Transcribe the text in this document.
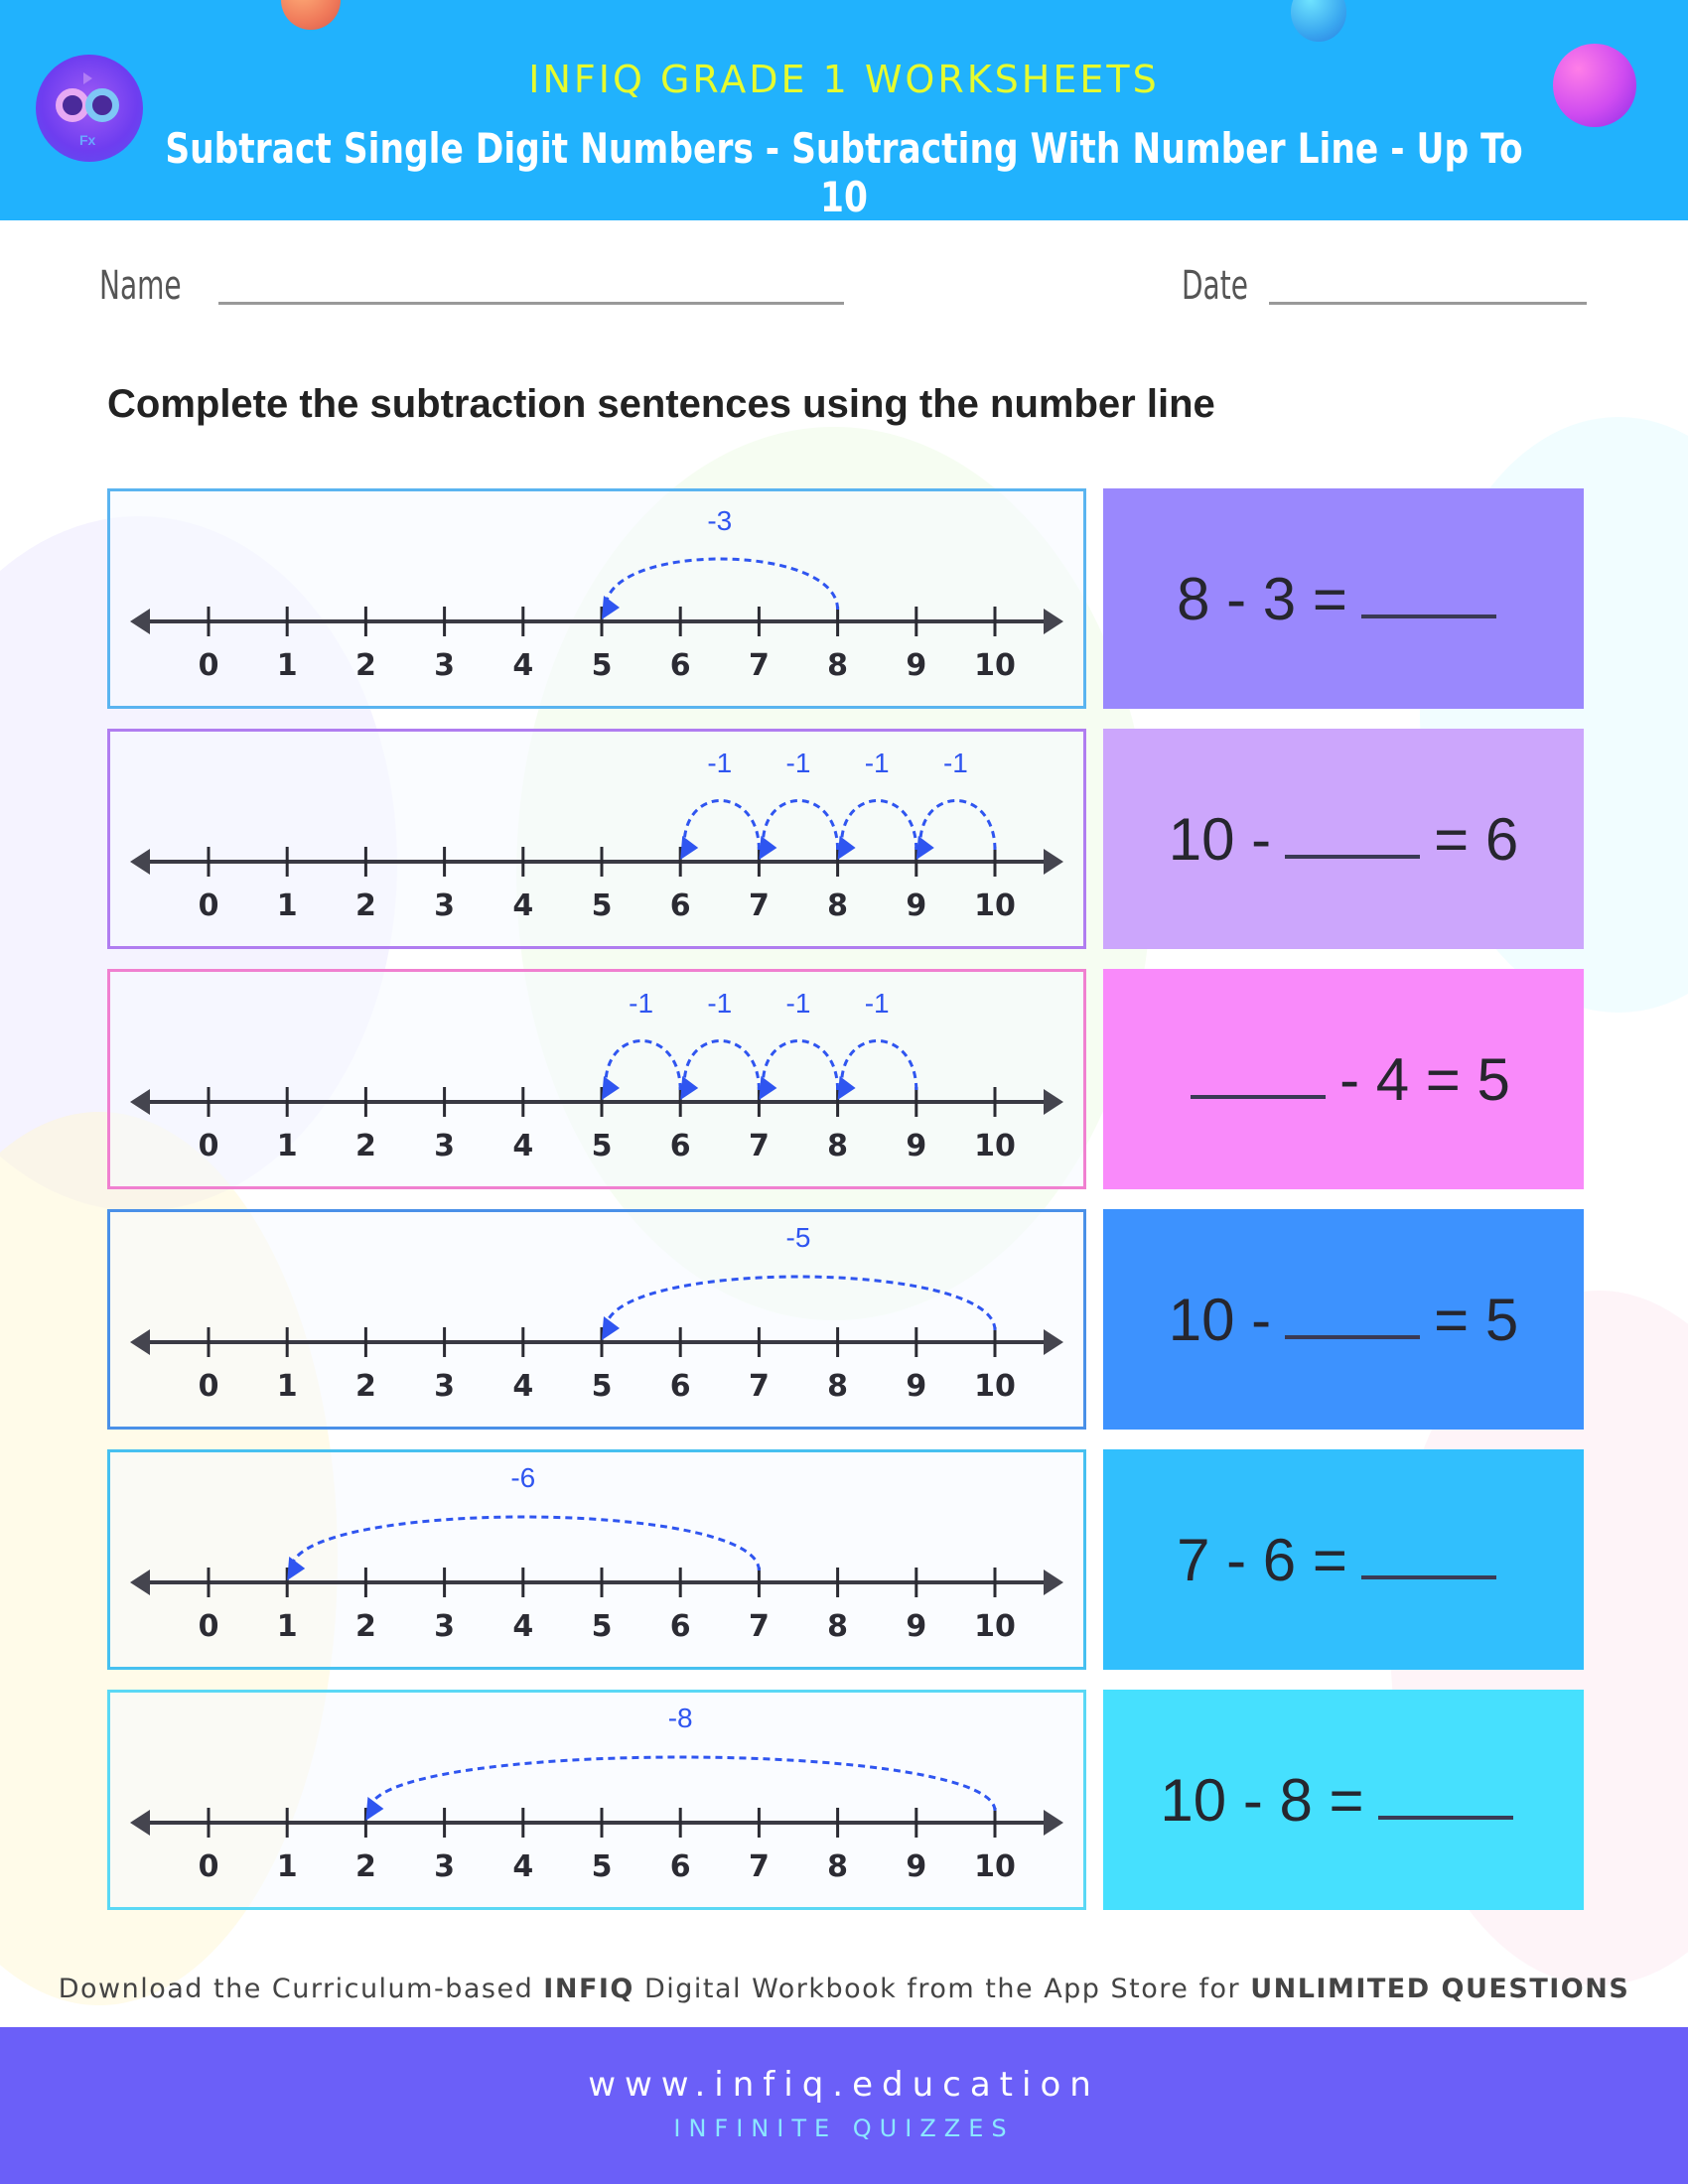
Fx
INFIQ GRADE 1 WORKSHEETS
Subtract Single Digit Numbers - Subtracting With Number Line - Up To 10
Name	Date
Complete the subtraction sentences using the number line
0 1 2 3 4 5 6 7 8 9 10
-3
8 - 3 =
0 1 2 3 4 5 6 7 8 9 10
-1
-1
-1
-1
10 -	= 6
0 1 2 3 4 5 6 7 8 9 10
-1
-1
-1
-1
- 4 = 5
0 1 2 3 4 5 6 7 8 9 10
-5
10 -	= 5
0 1 2 3 4 5 6 7 8 9 10
-6
7 - 6 =
0 1 2 3 4 5 6 7 8 9 10
-8
10 - 8 =
Download the Curriculum-based INFIQ Digital Workbook from the App Store for UNLIMITED QUESTIONS
www.infiq.education
INFINITE QUIZZES
